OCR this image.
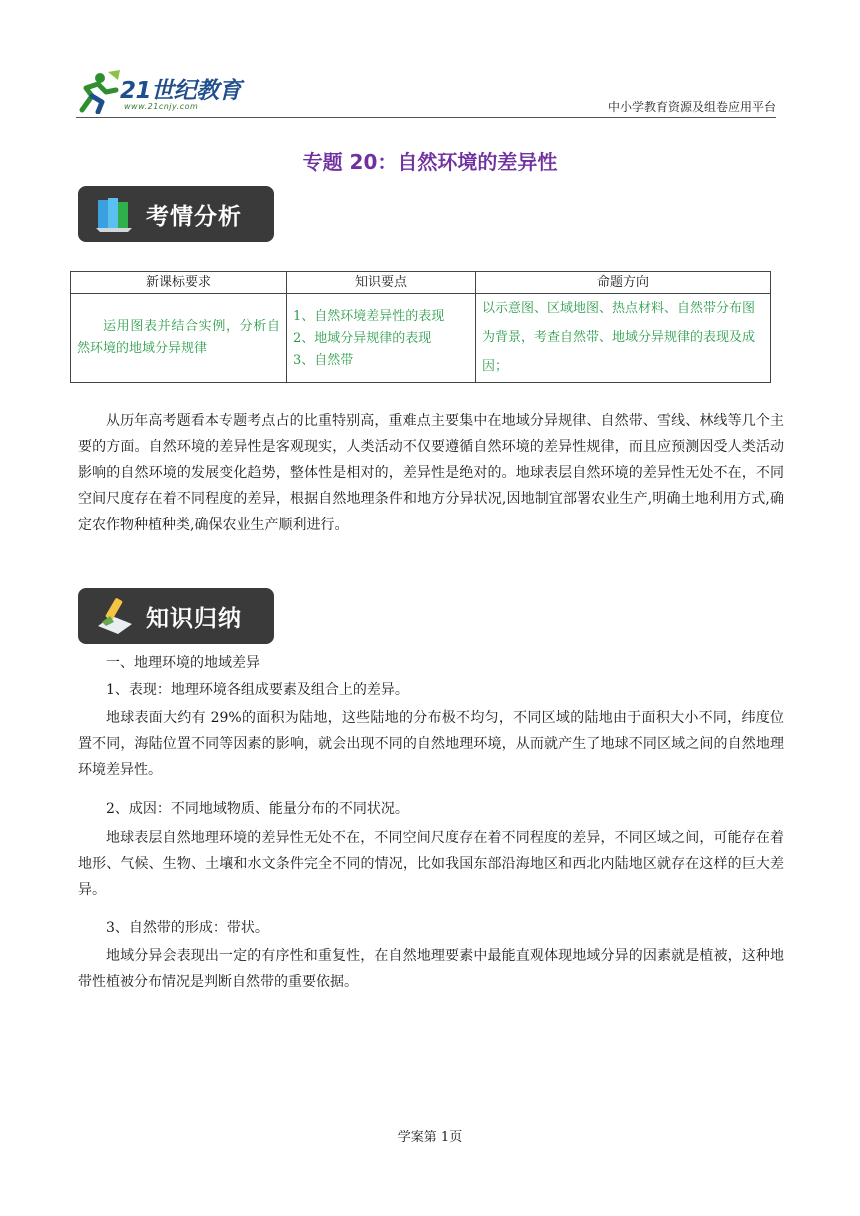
21世纪教育
www.21cnjy.com	中小学教育资源及组卷应用平台
专题 20：自然环境的差异性
考情分析
新课标要求	知识要点	命题方向

运用图表并结合实例，分析自然环境的地域分异规律	1、自然环境差异性的表现
2、地域分异规律的表现
3、自然带	以示意图、区域地图、热点材料、自然带分布图为背景，考查自然带、地域分异规律的表现及成因；
从历年高考题看本专题考点占的比重特别高，重难点主要集中在地域分异规律、自然带、雪线、林线等几个主要的方面。自然环境的差异性是客观现实，人类活动不仅要遵循自然环境的差异性规律，而且应预测因受人类活动影响的自然环境的发展变化趋势，整体性是相对的，差异性是绝对的。地球表层自然环境的差异性无处不在，不同空间尺度存在着不同程度的差异，根据自然地理条件和地方分异状况,因地制宜部署农业生产,明确土地利用方式,确定农作物种植种类,确保农业生产顺利进行。
知识归纳
一、地理环境的地域差异
1、表现：地理环境各组成要素及组合上的差异。
地球表面大约有 29%的面积为陆地，这些陆地的分布极不均匀，不同区域的陆地由于面积大小不同，纬度位置不同，海陆位置不同等因素的影响，就会出现不同的自然地理环境，从而就产生了地球不同区域之间的自然地理环境差异性。
2、成因：不同地域物质、能量分布的不同状况。
地球表层自然地理环境的差异性无处不在，不同空间尺度存在着不同程度的差异，不同区域之间，可能存在着地形、气候、生物、土壤和水文条件完全不同的情况，比如我国东部沿海地区和西北内陆地区就存在这样的巨大差异。
3、自然带的形成：带状。
地域分异会表现出一定的有序性和重复性，在自然地理要素中最能直观体现地域分异的因素就是植被，这种地带性植被分布情况是判断自然带的重要依据。
学案第 1页
